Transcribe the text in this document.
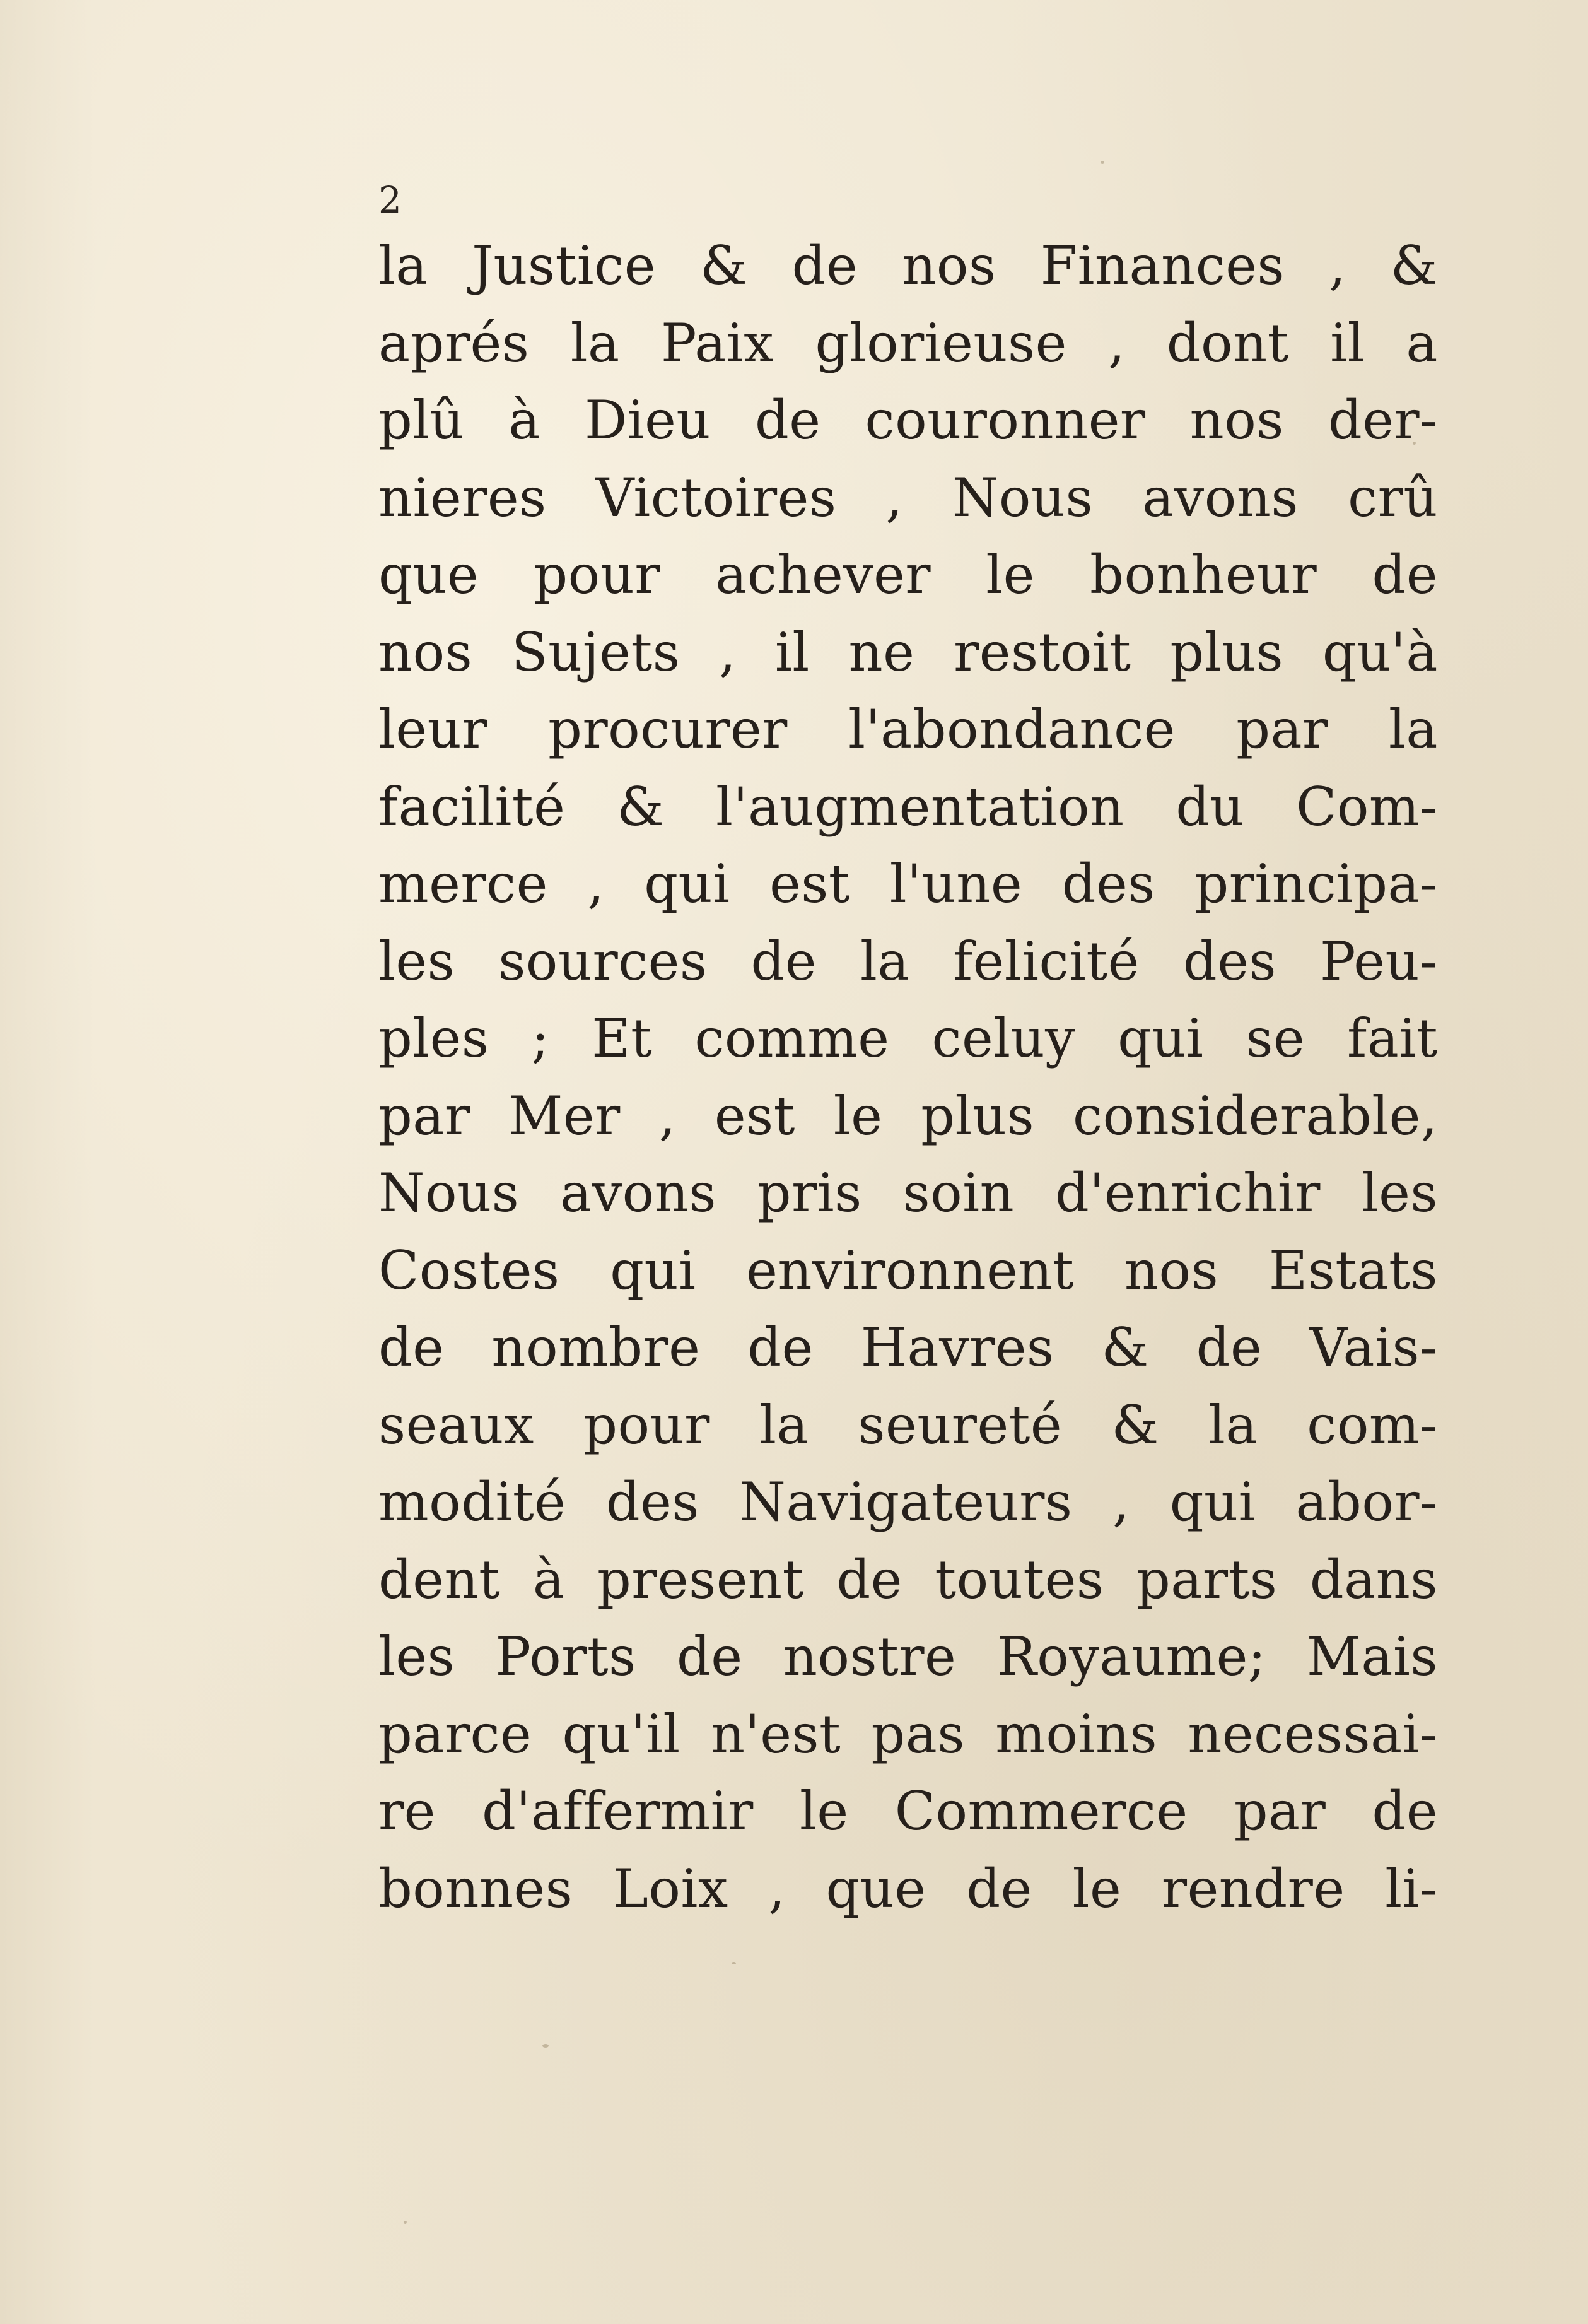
2
la Justice & de nos Finances , &
aprés la Paix glorieuse , dont il a
plû à Dieu de couronner nos der-
nieres Victoires , Nous avons crû
que pour achever le bonheur de
nos Sujets , il ne restoit plus qu'à
leur procurer l'abondance par la
facilité & l'augmentation du Com-
merce , qui est l'une des principa-
les sources de la felicité des Peu-
ples ; Et comme celuy qui se fait
par Mer , est le plus considerable,
Nous avons pris soin d'enrichir les
Costes qui environnent nos Estats
de nombre de Havres & de Vais-
seaux pour la seureté & la com-
modité des Navigateurs , qui abor-
dent à present de toutes parts dans
les Ports de nostre Royaume; Mais
parce qu'il n'est pas moins necessai-
re d'affermir le Commerce par de
bonnes Loix , que de le rendre li-
